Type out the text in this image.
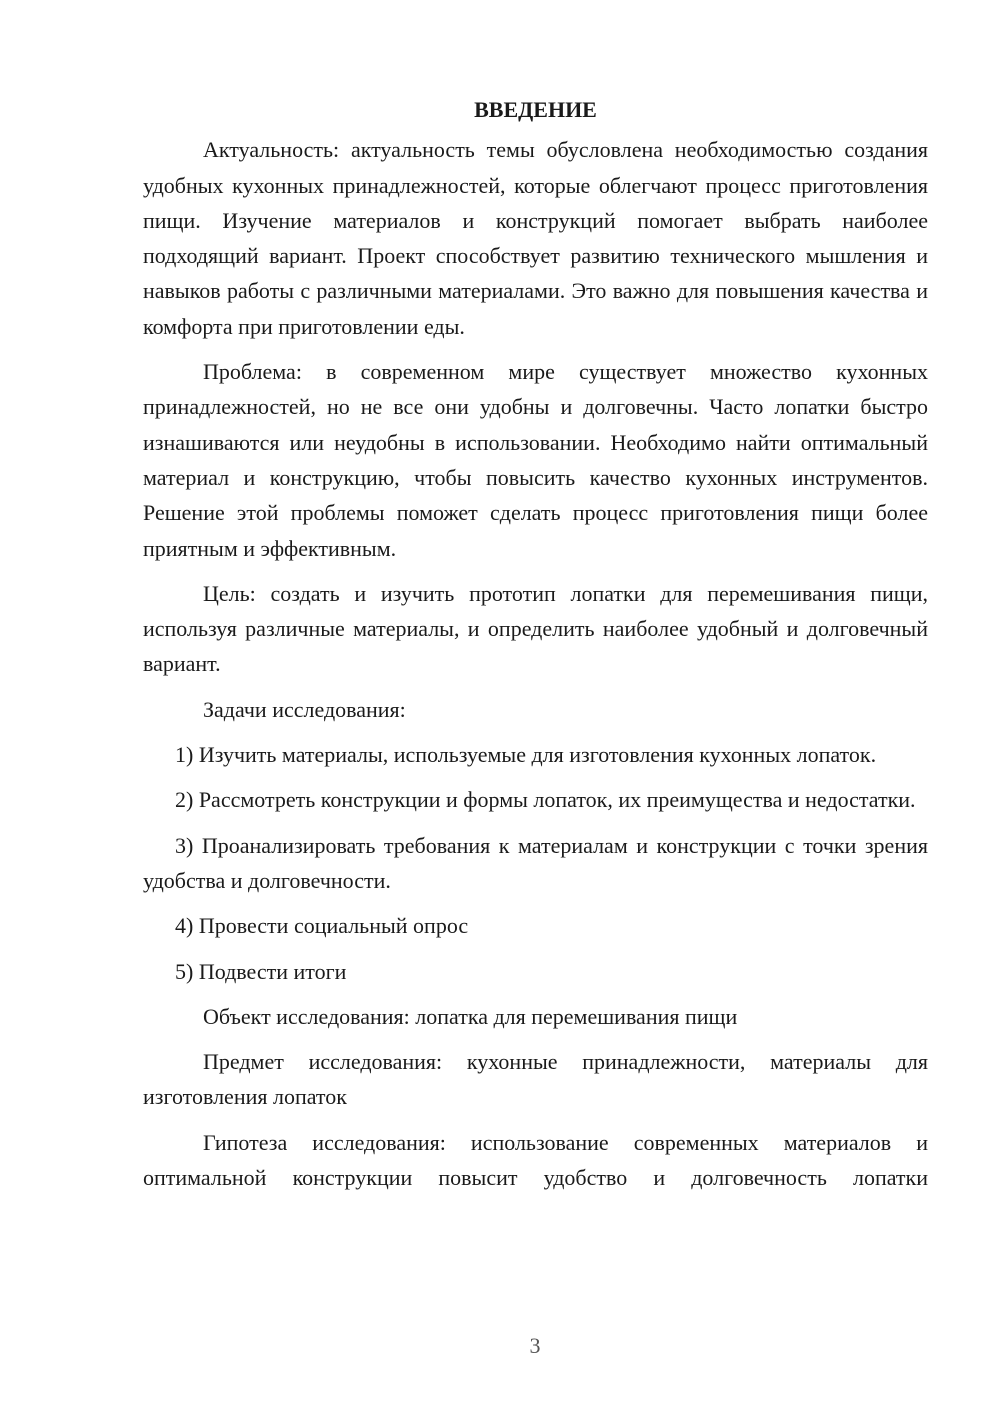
ВВЕДЕНИЕ

Актуальность: актуальность темы обусловлена необходимостью создания удобных кухонных принадлежностей, которые облегчают процесс приготовления пищи. Изучение материалов и конструкций помогает выбрать наиболее подходящий вариант. Проект способствует развитию технического мышления и навыков работы с различными материалами. Это важно для повышения качества и комфорта при приготовлении еды.

Проблема: в современном мире существует множество кухонных принадлежностей, но не все они удобны и долговечны. Часто лопатки быстро изнашиваются или неудобны в использовании. Необходимо найти оптимальный материал и конструкцию, чтобы повысить качество кухонных инструментов. Решение этой проблемы поможет сделать процесс приготовления пищи более приятным и эффективным.

Цель: создать и изучить прототип лопатки для перемешивания пищи, используя различные материалы, и определить наиболее удобный и долговечный вариант.

Задачи исследования:

1) Изучить материалы, используемые для изготовления кухонных лопаток.

2) Рассмотреть конструкции и формы лопаток, их преимущества и недостатки.

3) Проанализировать требования к материалам и конструкции с точки зрения удобства и долговечности.

4) Провести социальный опрос

5) Подвести итоги

Объект исследования: лопатка для перемешивания пищи

Предмет исследования: кухонные принадлежности, материалы для изготовления лопаток

Гипотеза исследования: использование современных материалов и оптимальной конструкции повысит удобство и долговечность лопатки

3
